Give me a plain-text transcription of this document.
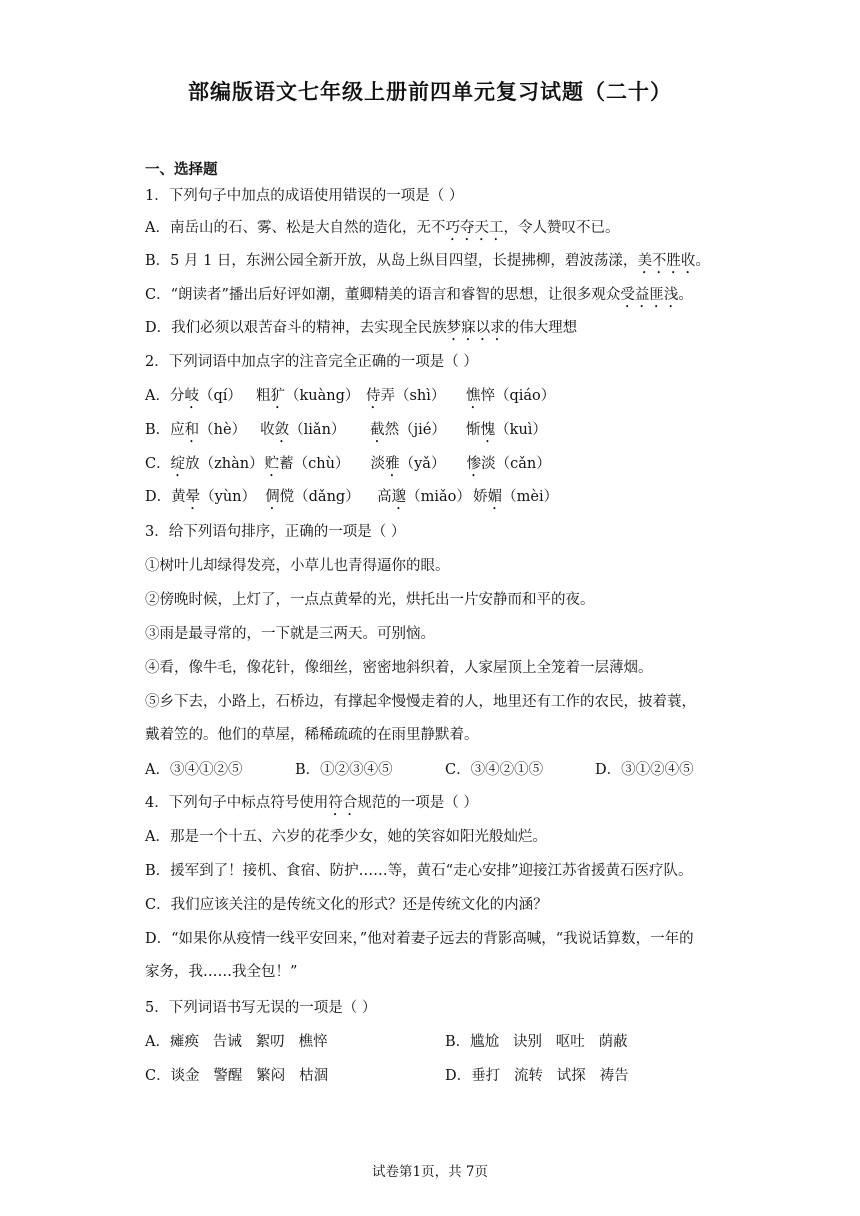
部编版语文七年级上册前四单元复习试题（二十）
一、选择题
1．下列句子中加点的成语使用错误的一项是（ ）
A．南岳山的石、雾、松是大自然的造化，无不巧夺天工，令人赞叹不已。
B．5 月 1 日，东洲公园全新开放，从岛上纵目四望，长提拂柳，碧波荡漾，美不胜收。
C．“朗读者”播出后好评如潮，董卿精美的语言和睿智的思想，让很多观众受益匪浅。
D．我们必须以艰苦奋斗的精神，去实现全民族梦寐以求的伟大理想
2．下列词语中加点字的注音完全正确的一项是（ ）
A．分岐（qí） 粗犷（kuàng） 侍弄（shì） 憔悴（qiáo）
B．应和（hè） 收敛（liǎn） 截然（jié） 惭愧（kuì）
C．绽放（zhàn）贮蓄（chù） 淡雅（yǎ） 惨淡（cǎn）
D．黄晕（yùn） 倜傥（dǎng） 高邈（miǎo） 娇媚（mèi）
3．给下列语句排序，正确的一项是（ ）
①树叶儿却绿得发亮，小草儿也青得逼你的眼。
②傍晚时候，上灯了，一点点黄晕的光，烘托出一片安静而和平的夜。
③雨是最寻常的，一下就是三两天。可别恼。
④看，像牛毛，像花针，像细丝，密密地斜织着，人家屋顶上全笼着一层薄烟。
⑤乡下去，小路上，石桥边，有撑起伞慢慢走着的人，地里还有工作的农民，披着蓑，
戴着笠的。他们的草屋，稀稀疏疏的在雨里静默着。
A．③④①②⑤	B．①②③④⑤	C．③④②①⑤	D．③①②④⑤
4．下列句子中标点符号使用符合规范的一项是（ ）
A．那是一个十五、六岁的花季少女，她的笑容如阳光般灿烂。
B．援军到了！接机、食宿、防护……等，黄石“走心安排”迎接江苏省援黄石医疗队。
C．我们应该关注的是传统文化的形式？还是传统文化的内涵？
D．“如果你从疫情一线平安回来，”他对着妻子远去的背影高喊，“我说话算数，一年的
家务，我……我全包！”
5．下列词语书写无误的一项是（ ）
A．瘫痪   告诫   絮叨   樵悴	B．尴尬   诀别   呕吐   荫蔽
C．谈金   警醒   繁闷   枯涸	D．垂打   流转   试探   祷告
试卷第1页，共 7页
